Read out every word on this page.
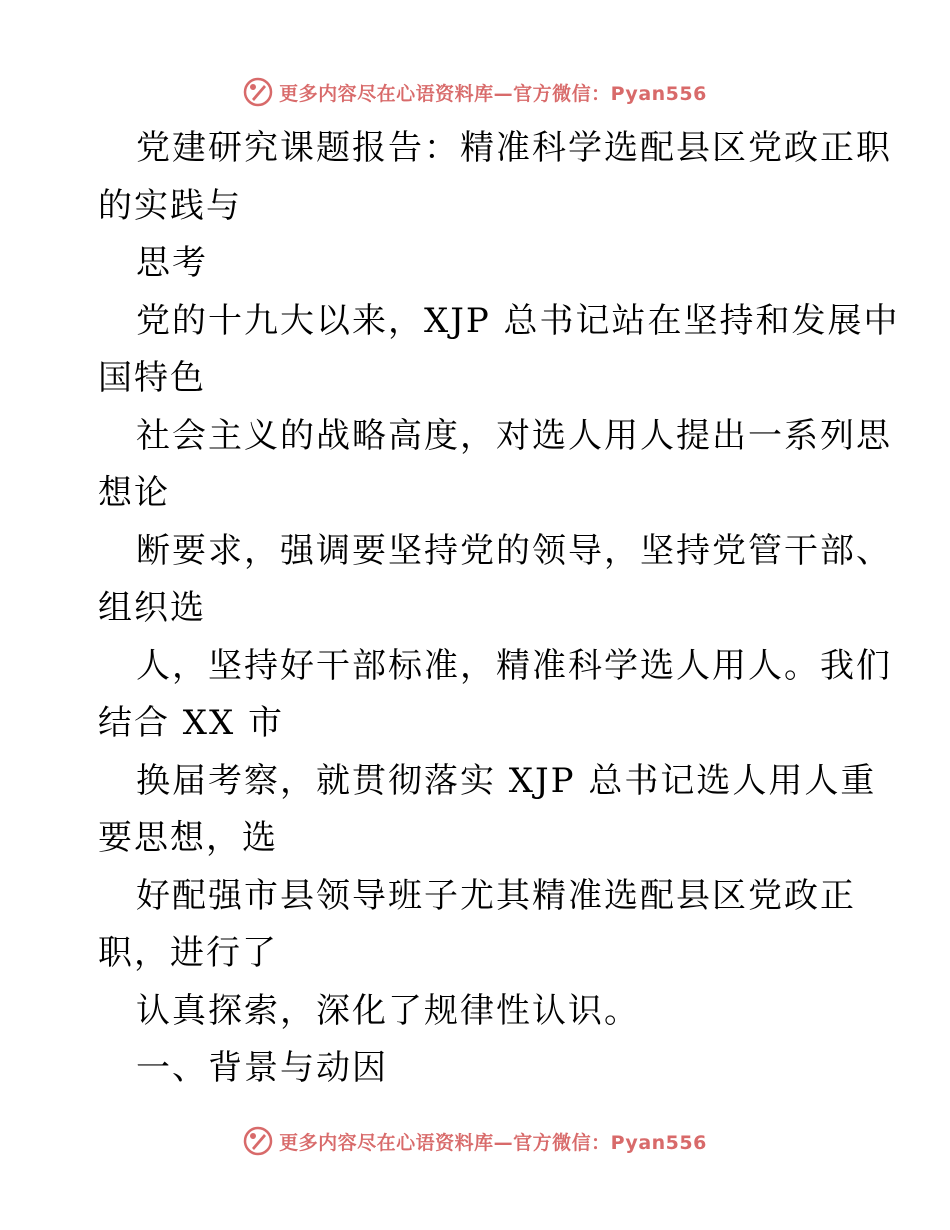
更多内容尽在心语资料库—官方微信：Pyan556

党建研究课题报告：精准科学选配县区党政正职

的实践与

思考

党的十九大以来，XJP 总书记站在坚持和发展中

国特色

社会主义的战略高度，对选人用人提出一系列思

想论

断要求，强调要坚持党的领导，坚持党管干部、

组织选

人，坚持好干部标准，精准科学选人用人。我们

结合 XX 市

换届考察，就贯彻落实 XJP 总书记选人用人重

要思想，选

好配强市县领导班子尤其精准选配县区党政正

职，进行了

认真探索，深化了规律性认识。

一、背景与动因

更多内容尽在心语资料库—官方微信：Pyan556
